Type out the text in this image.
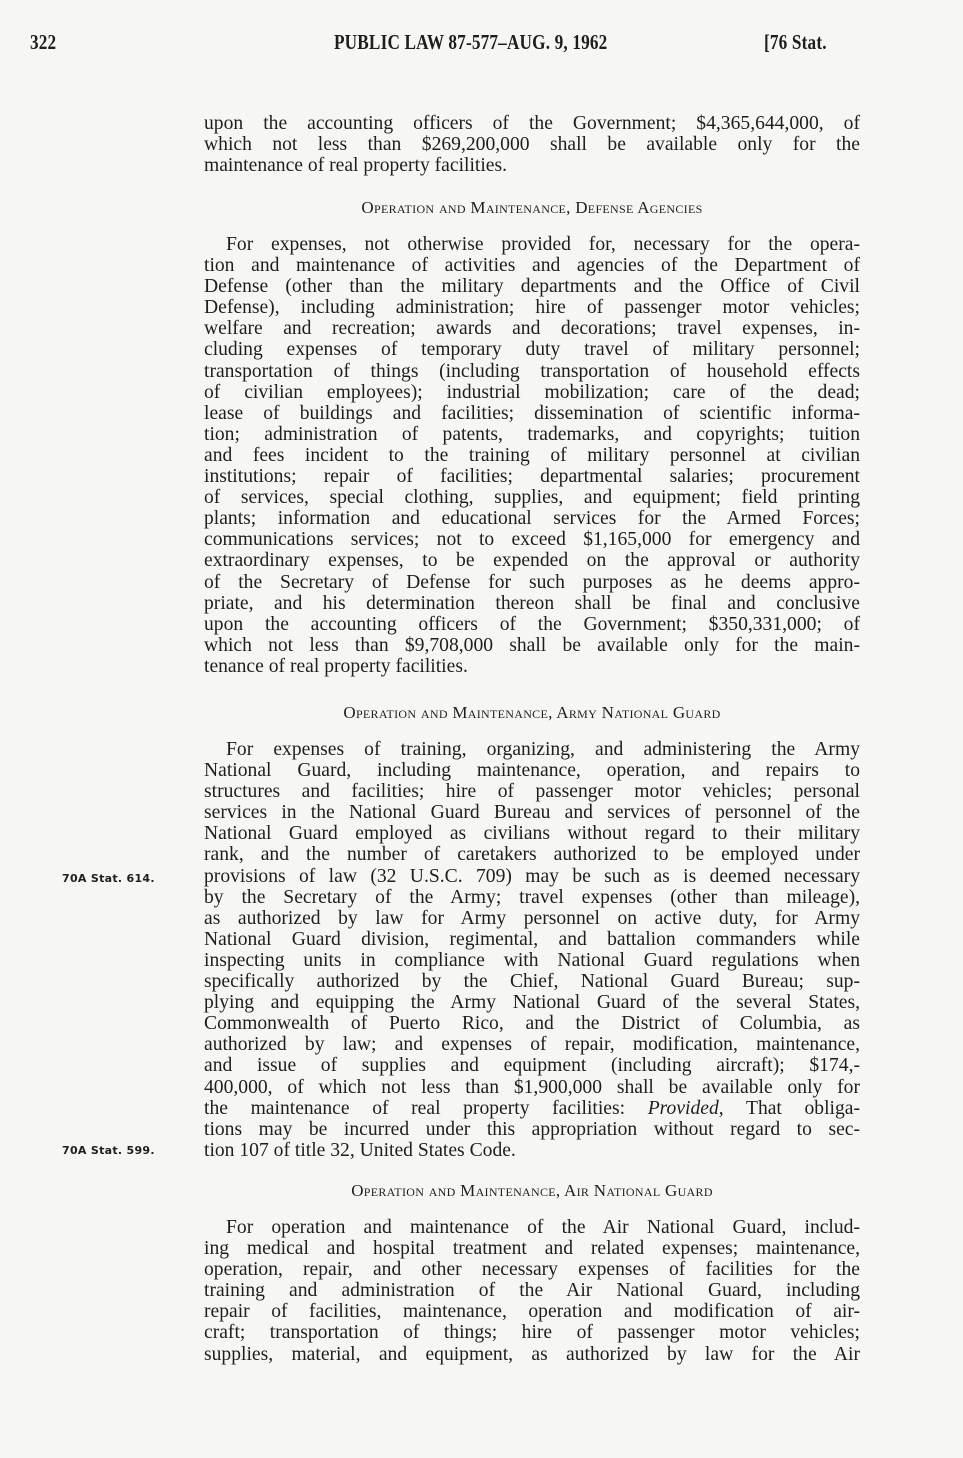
322	PUBLIC LAW 87-577–AUG. 9, 1962	[76 Stat.
upon the accounting officers of the Government; $4,365,644,000, of
which not less than $269,200,000 shall be available only for the
maintenance of real property facilities.
Operation and Maintenance, Defense Agencies
For expenses, not otherwise provided for, necessary for the opera-
tion and maintenance of activities and agencies of the Department of
Defense (other than the military departments and the Office of Civil
Defense), including administration; hire of passenger motor vehicles;
welfare and recreation; awards and decorations; travel expenses, in-
cluding expenses of temporary duty travel of military personnel;
transportation of things (including transportation of household effects
of civilian employees); industrial mobilization; care of the dead;
lease of buildings and facilities; dissemination of scientific informa-
tion; administration of patents, trademarks, and copyrights; tuition
and fees incident to the training of military personnel at civilian
institutions; repair of facilities; departmental salaries; procurement
of services, special clothing, supplies, and equipment; field printing
plants; information and educational services for the Armed Forces;
communications services; not to exceed $1,165,000 for emergency and
extraordinary expenses, to be expended on the approval or authority
of the Secretary of Defense for such purposes as he deems appro-
priate, and his determination thereon shall be final and conclusive
upon the accounting officers of the Government; $350,331,000; of
which not less than $9,708,000 shall be available only for the main-
tenance of real property facilities.
Operation and Maintenance, Army National Guard
For expenses of training, organizing, and administering the Army
National Guard, including maintenance, operation, and repairs to
structures and facilities; hire of passenger motor vehicles; personal
services in the National Guard Bureau and services of personnel of the
National Guard employed as civilians without regard to their military
rank, and the number of caretakers authorized to be employed under
provisions of law (32 U.S.C. 709) may be such as is deemed necessary
by the Secretary of the Army; travel expenses (other than mileage),
as authorized by law for Army personnel on active duty, for Army
National Guard division, regimental, and battalion commanders while
inspecting units in compliance with National Guard regulations when
specifically authorized by the Chief, National Guard Bureau; sup-
plying and equipping the Army National Guard of the several States,
Commonwealth of Puerto Rico, and the District of Columbia, as
authorized by law; and expenses of repair, modification, maintenance,
and issue of supplies and equipment (including aircraft); $174,-
400,000, of which not less than $1,900,000 shall be available only for
the maintenance of real property facilities: Provided, That obliga-
tions may be incurred under this appropriation without regard to sec-
tion 107 of title 32, United States Code.
Operation and Maintenance, Air National Guard
For operation and maintenance of the Air National Guard, includ-
ing medical and hospital treatment and related expenses; maintenance,
operation, repair, and other necessary expenses of facilities for the
training and administration of the Air National Guard, including
repair of facilities, maintenance, operation and modification of air-
craft; transportation of things; hire of passenger motor vehicles;
supplies, material, and equipment, as authorized by law for the Air
70A Stat. 614.
70A Stat. 599.
